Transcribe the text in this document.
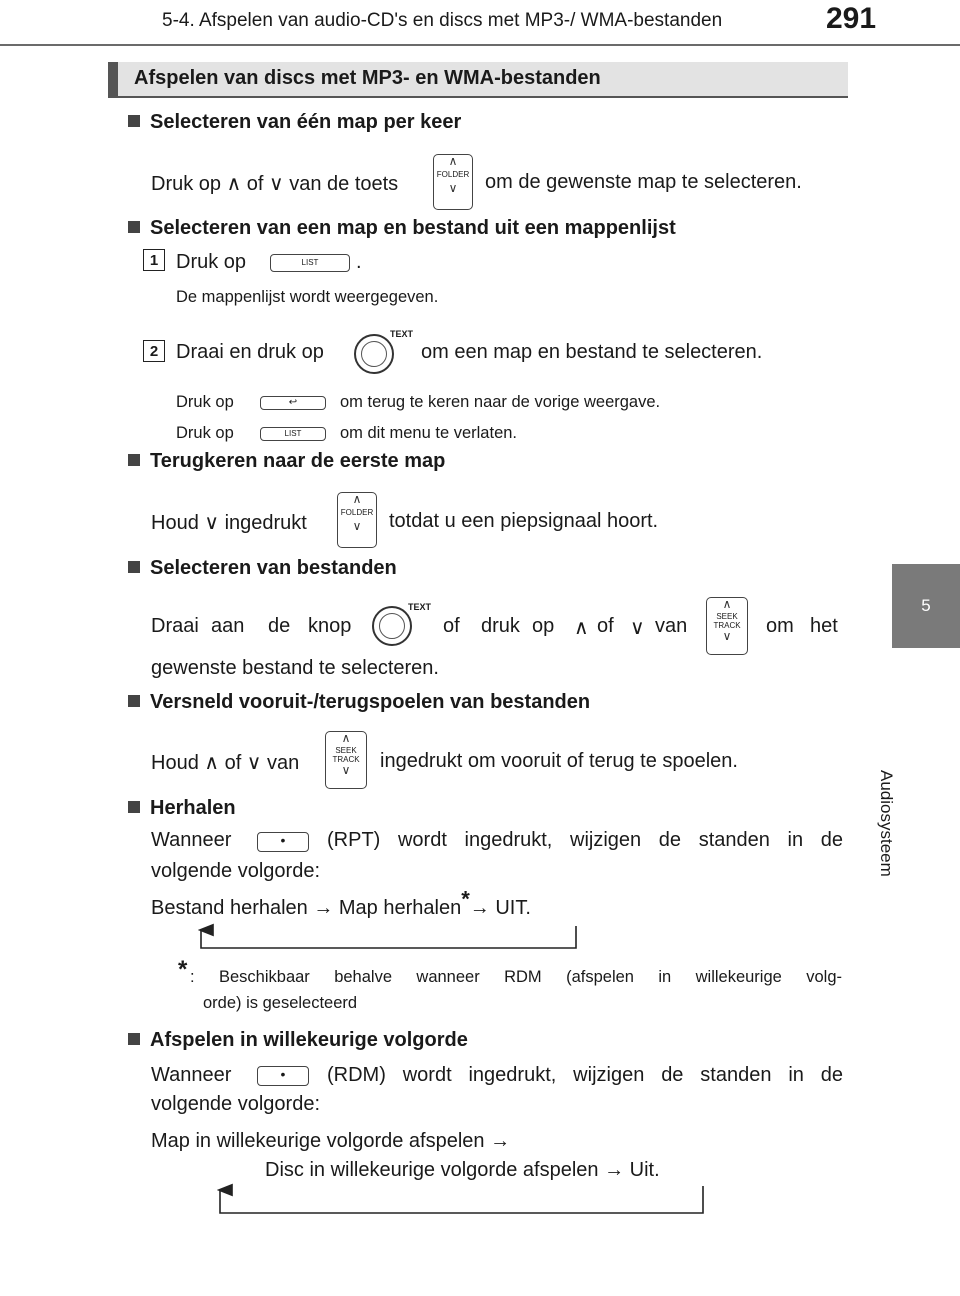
5-4. Afspelen van audio-CD's en discs met MP3-/ WMA-bestanden	291
5
Audiosysteem
Afspelen van discs met MP3- en WMA-bestanden
Selecteren van één map per keer
Druk op ∧ of ∨ van de toets
∧
FOLDER
∨	om de gewenste map te selecteren.
Selecteren van een map en bestand uit een mappenlijst
1 Druk op	LIST	.
De mappenlijst wordt weergegeven.
2 Draai en druk op
TEXT
om een map en bestand te selecteren.
Druk op	↩	om terug te keren naar de vorige weergave.
Druk op	LIST	om dit menu te verlaten.
Terugkeren naar de eerste map
Houd ∨ ingedrukt
∧
FOLDER
∨	totdat u een piepsignaal hoort.
Selecteren van bestanden
Draai aan de knop
TEXT
of druk op ∧ of ∨ van
∧
SEEK
TRACK
∨	om het
gewenste bestand te selecteren.
Versneld vooruit-/terugspoelen van bestanden
Houd ∧ of ∨ van
∧
SEEK
TRACK
∨	ingedrukt om vooruit of terug te spoelen.
Herhalen
Wanneer	•	(RPT) wordt ingedrukt, wijzigen de standen in de
volgende volgorde:
Bestand herhalen → Map herhalen*→ UIT.
* : Beschikbaar behalve wanneer RDM (afspelen in willekeurige volg-
orde) is geselecteerd
Afspelen in willekeurige volgorde
Wanneer	•	(RDM) wordt ingedrukt, wijzigen de standen in de
volgende volgorde:
Map in willekeurige volgorde afspelen →
Disc in willekeurige volgorde afspelen → Uit.
